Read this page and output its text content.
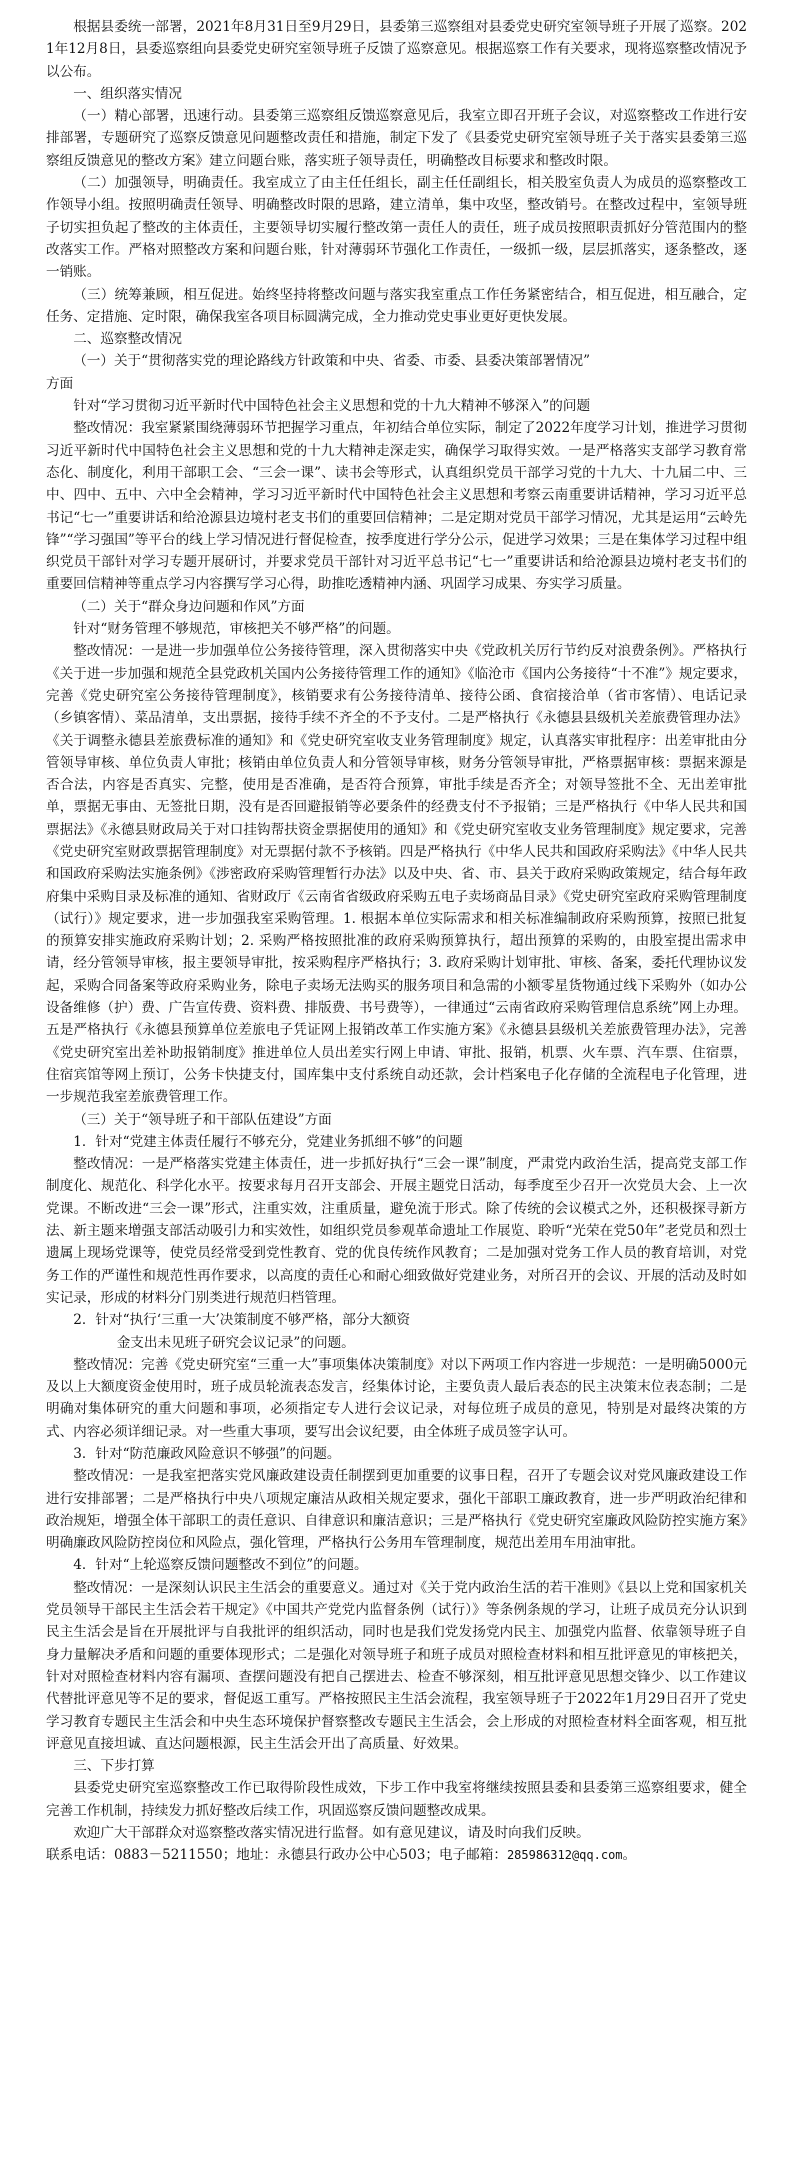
根据县委统一部署，2021年8月31日至9月29日，县委第三巡察组对县委党史研究室领导班子开展了巡察。2021年12月8日，县委巡察组向县委党史研究室领导班子反馈了巡察意见。根据巡察工作有关要求，现将巡察整改情况予以公布。

一、组织落实情况

（一）精心部署，迅速行动。县委第三巡察组反馈巡察意见后，我室立即召开班子会议，对巡察整改工作进行安排部署，专题研究了巡察反馈意见问题整改责任和措施，制定下发了《县委党史研究室领导班子关于落实县委第三巡察组反馈意见的整改方案》建立问题台账，落实班子领导责任，明确整改目标要求和整改时限。

（二）加强领导，明确责任。我室成立了由主任任组长，副主任任副组长，相关股室负责人为成员的巡察整改工作领导小组。按照明确责任领导、明确整改时限的思路，建立清单，集中攻坚，整改销号。在整改过程中，室领导班子切实担负起了整改的主体责任，主要领导切实履行整改第一责任人的责任，班子成员按照职责抓好分管范围内的整改落实工作。严格对照整改方案和问题台账，针对薄弱环节强化工作责任，一级抓一级，层层抓落实，逐条整改，逐一销账。

（三）统筹兼顾，相互促进。始终坚持将整改问题与落实我室重点工作任务紧密结合，相互促进，相互融合，定任务、定措施、定时限，确保我室各项目标圆满完成，全力推动党史事业更好更快发展。

二、巡察整改情况

（一）关于“贯彻落实党的理论路线方针政策和中央、省委、市委、县委决策部署情况”

方面

针对“学习贯彻习近平新时代中国特色社会主义思想和党的十九大精神不够深入”的问题

整改情况：我室紧紧围绕薄弱环节把握学习重点，年初结合单位实际，制定了2022年度学习计划，推进学习贯彻习近平新时代中国特色社会主义思想和党的十九大精神走深走实，确保学习取得实效。一是严格落实支部学习教育常态化、制度化，利用干部职工会、“三会一课”、读书会等形式，认真组织党员干部学习党的十九大、十九届二中、三中、四中、五中、六中全会精神，学习习近平新时代中国特色社会主义思想和考察云南重要讲话精神，学习习近平总书记“七一”重要讲话和给沧源县边境村老支书们的重要回信精神；二是定期对党员干部学习情况，尤其是运用“云岭先锋”“学习强国”等平台的线上学习情况进行督促检查，按季度进行学分公示，促进学习效果；三是在集体学习过程中组织党员干部针对学习专题开展研讨，并要求党员干部针对习近平总书记“七一”重要讲话和给沧源县边境村老支书们的重要回信精神等重点学习内容撰写学习心得，助推吃透精神内涵、巩固学习成果、夯实学习质量。

（二）关于“群众身边问题和作风”方面

针对“财务管理不够规范，审核把关不够严格”的问题。

整改情况：一是进一步加强单位公务接待管理，深入贯彻落实中央《党政机关厉行节约反对浪费条例》。严格执行《关于进一步加强和规范全县党政机关国内公务接待管理工作的通知》《临沧市《国内公务接待“十不准”》规定要求，完善《党史研究室公务接待管理制度》，核销要求有公务接待清单、接待公函、食宿接洽单（省市客情）、电话记录（乡镇客情）、菜品清单，支出票据，接待手续不齐全的不予支付。二是严格执行《永德县县级机关差旅费管理办法》《关于调整永德县差旅费标准的通知》和《党史研究室收支业务管理制度》规定，认真落实审批程序：出差审批由分管领导审核、单位负责人审批；核销由单位负责人和分管领导审核，财务分管领导审批，严格票据审核：票据来源是否合法，内容是否真实、完整，使用是否准确，是否符合预算，审批手续是否齐全；对领导签批不全、无出差审批单，票据无事由、无签批日期，没有是否回避报销等必要条件的经费支付不予报销；三是严格执行《中华人民共和国票据法》《永德县财政局关于对口挂钩帮扶资金票据使用的通知》和《党史研究室收支业务管理制度》规定要求，完善《党史研究室财政票据管理制度》对无票据付款不予核销。四是严格执行《中华人民共和国政府采购法》《中华人民共和国政府采购法实施条例》《涉密政府采购管理暂行办法》以及中央、省、市、县关于政府采购政策规定，结合每年政府集中采购目录及标准的通知、省财政厅《云南省省级政府采购五电子卖场商品目录》《党史研究室政府采购管理制度（试行）》规定要求，进一步加强我室采购管理。1. 根据本单位实际需求和相关标准编制政府采购预算，按照已批复的预算安排实施政府采购计划；2. 采购严格按照批准的政府采购预算执行，超出预算的采购的，由股室提出需求申请，经分管领导审核，报主要领导审批，按采购程序严格执行；3. 政府采购计划审批、审核、备案，委托代理协议发起，采购合同备案等政府采购业务，除电子卖场无法购买的服务项目和急需的小额零星货物通过线下采购外（如办公设备维修（护）费、广告宣传费、资料费、排版费、书号费等），一律通过“云南省政府采购管理信息系统”网上办理。五是严格执行《永德县预算单位差旅电子凭证网上报销改革工作实施方案》《永德县县级机关差旅费管理办法》，完善《党史研究室出差补助报销制度》推进单位人员出差实行网上申请、审批、报销，机票、火车票、汽车票、住宿票，住宿宾馆等网上预订，公务卡快捷支付，国库集中支付系统自动还款，会计档案电子化存储的全流程电子化管理，进一步规范我室差旅费管理工作。

（三）关于“领导班子和干部队伍建设”方面

1．针对“党建主体责任履行不够充分，党建业务抓细不够”的问题

整改情况：一是严格落实党建主体责任，进一步抓好执行“三会一课”制度，严肃党内政治生活，提高党支部工作制度化、规范化、科学化水平。按要求每月召开支部会、开展主题党日活动，每季度至少召开一次党员大会、上一次党课。不断改进“三会一课”形式，注重实效，注重质量，避免流于形式。除了传统的会议模式之外，还积极探寻新方法、新主题来增强支部活动吸引力和实效性，如组织党员参观革命遗址工作展览、聆听“光荣在党50年”老党员和烈士遗属上现场党课等，使党员经常受到党性教育、党的优良传统作风教育；二是加强对党务工作人员的教育培训，对党务工作的严谨性和规范性再作要求，以高度的责任心和耐心细致做好党建业务，对所召开的会议、开展的活动及时如实记录，形成的材料分门别类进行规范归档管理。

2．针对“执行‘三重一大’决策制度不够严格，部分大额资

金支出未见班子研究会议记录”的问题。

整改情况：完善《党史研究室“三重一大”事项集体决策制度》对以下两项工作内容进一步规范：一是明确5000元及以上大额度资金使用时，班子成员轮流表态发言，经集体讨论，主要负责人最后表态的民主决策末位表态制；二是明确对集体研究的重大问题和事项，必须指定专人进行会议记录，对每位班子成员的意见，特别是对最终决策的方式、内容必须详细记录。对一些重大事项，要写出会议纪要，由全体班子成员签字认可。

3．针对“防范廉政风险意识不够强”的问题。

整改情况：一是我室把落实党风廉政建设责任制摆到更加重要的议事日程，召开了专题会议对党风廉政建设工作进行安排部署；二是严格执行中央八项规定廉洁从政相关规定要求，强化干部职工廉政教育，进一步严明政治纪律和政治规矩，增强全体干部职工的责任意识、自律意识和廉洁意识；三是严格执行《党史研究室廉政风险防控实施方案》明确廉政风险防控岗位和风险点，强化管理，严格执行公务用车管理制度，规范出差用车用油审批。

4．针对“上轮巡察反馈问题整改不到位”的问题。

整改情况：一是深刻认识民主生活会的重要意义。通过对《关于党内政治生活的若干准则》《县以上党和国家机关党员领导干部民主生活会若干规定》《中国共产党党内监督条例（试行）》等条例条规的学习，让班子成员充分认识到民主生活会是旨在开展批评与自我批评的组织活动，同时也是我们党发扬党内民主、加强党内监督、依靠领导班子自身力量解决矛盾和问题的重要体现形式；二是强化对领导班子和班子成员对照检查材料和相互批评意见的审核把关，针对对照检查材料内容有漏项、查摆问题没有把自己摆进去、检查不够深刻，相互批评意见思想交锋少、以工作建议代替批评意见等不足的要求，督促返工重写。严格按照民主生活会流程，我室领导班子于2022年1月29日召开了党史学习教育专题民主生活会和中央生态环境保护督察整改专题民主生活会，会上形成的对照检查材料全面客观，相互批评意见直接坦诚、直达问题根源，民主生活会开出了高质量、好效果。

三、下步打算

县委党史研究室巡察整改工作已取得阶段性成效，下步工作中我室将继续按照县委和县委第三巡察组要求，健全完善工作机制，持续发力抓好整改后续工作，巩固巡察反馈问题整改成果。

欢迎广大干部群众对巡察整改落实情况进行监督。如有意见建议，请及时向我们反映。

联系电话：0883－5211550；地址：永德县行政办公中心503；电子邮箱：285986312@qq.com。
